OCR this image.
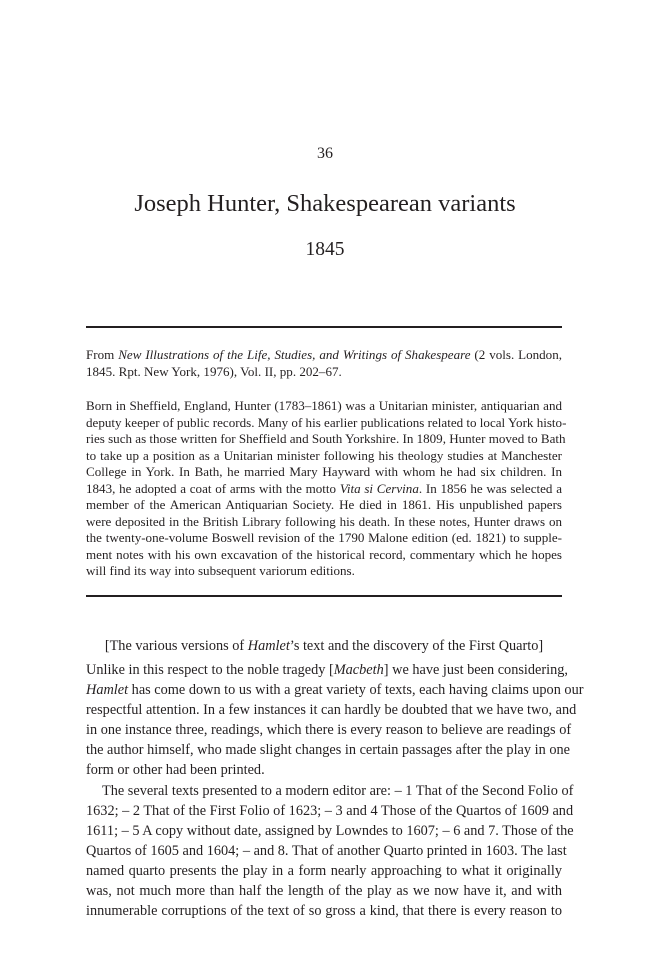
36
Joseph Hunter, Shakespearean variants
1845
From New Illustrations of the Life, Studies, and Writings of Shakespeare (2 vols. London,
1845. Rpt. New York, 1976), Vol. II, pp. 202–67.
Born in Sheffield, England, Hunter (1783–1861) was a Unitarian minister, antiquarian and
deputy keeper of public records. Many of his earlier publications related to local York histo-
ries such as those written for Sheffield and South Yorkshire. In 1809, Hunter moved to Bath
to take up a position as a Unitarian minister following his theology studies at Manchester
College in York. In Bath, he married Mary Hayward with whom he had six children. In
1843, he adopted a coat of arms with the motto Vita si Cervina. In 1856 he was selected a
member of the American Antiquarian Society. He died in 1861. His unpublished papers
were deposited in the British Library following his death. In these notes, Hunter draws on
the twenty-one-volume Boswell revision of the 1790 Malone edition (ed. 1821) to supple-
ment notes with his own excavation of the historical record, commentary which he hopes
will find its way into subsequent variorum editions.
[The various versions of Hamlet’s text and the discovery of the First Quarto]

Unlike in this respect to the noble tragedy [Macbeth] we have just been considering,
Hamlet has come down to us with a great variety of texts, each having claims upon our
respectful attention. In a few instances it can hardly be doubted that we have two, and
in one instance three, readings, which there is every reason to believe are readings of
the author himself, who made slight changes in certain passages after the play in one
form or other had been printed.

The several texts presented to a modern editor are: – 1 That of the Second Folio of
1632; – 2 That of the First Folio of 1623; – 3 and 4 Those of the Quartos of 1609 and
1611; – 5 A copy without date, assigned by Lowndes to 1607; – 6 and 7. Those of the
Quartos of 1605 and 1604; – and 8. That of another Quarto printed in 1603. The last
named quarto presents the play in a form nearly approaching to what it originally
was, not much more than half the length of the play as we now have it, and with
innumerable corruptions of the text of so gross a kind, that there is every reason to
